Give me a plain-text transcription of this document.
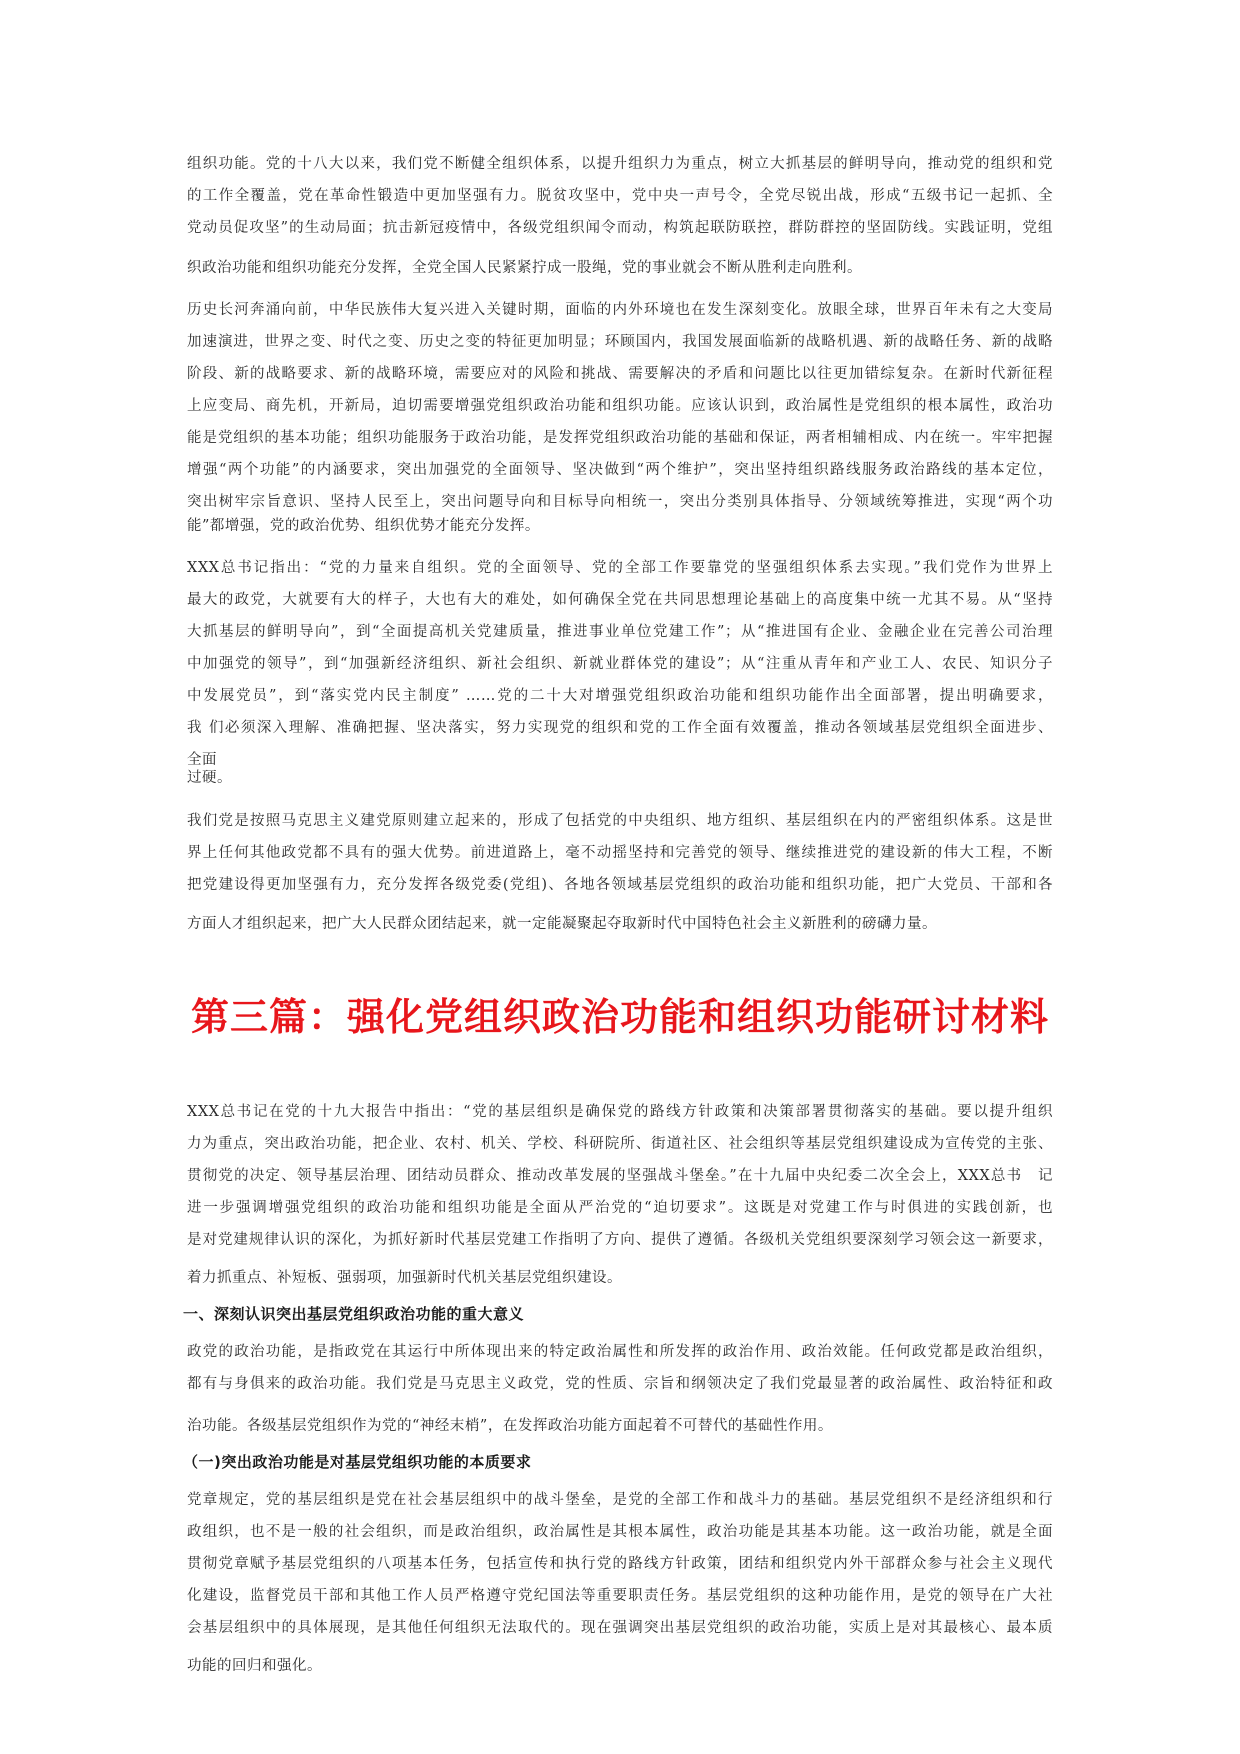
组织功能。党的十八大以来，我们党不断健全组织体系，以提升组织力为重点，树立大抓基层的鲜明导向，推动党的组织和党
的工作全覆盖，党在革命性锻造中更加坚强有力。脱贫攻坚中，党中央一声号令，全党尽锐出战，形成“五级书记一起抓、全
党动员促攻坚”的生动局面；抗击新冠疫情中，各级党组织闻令而动，构筑起联防联控，群防群控的坚固防线。实践证明，党组
织政治功能和组织功能充分发挥，全党全国人民紧紧拧成一股绳，党的事业就会不断从胜利走向胜利。
历史长河奔涌向前，中华民族伟大复兴进入关键时期，面临的内外环境也在发生深刻变化。放眼全球，世界百年未有之大变局
加速演进，世界之变、时代之变、历史之变的特征更加明显；环顾国内，我国发展面临新的战略机遇、新的战略任务、新的战略
阶段、新的战略要求、新的战略环境，需要应对的风险和挑战、需要解决的矛盾和问题比以往更加错综复杂。在新时代新征程
上应变局、商先机，开新局，迫切需要增强党组织政治功能和组织功能。应该认识到，政治属性是党组织的根本属性，政治功
能是党组织的基本功能；组织功能服务于政治功能，是发挥党组织政治功能的基础和保证，两者相辅相成、内在统一。牢牢把握
增强“两个功能”的内涵要求，突出加强党的全面领导、坚决做到“两个维护”，突出坚持组织路线服务政治路线的基本定位，
突出树牢宗旨意识、坚持人民至上，突出问题导向和目标导向相统一，突出分类别具体指导、分领域统筹推进，实现“两个功
能”都增强，党的政治优势、组织优势才能充分发挥。
XXX总书记指出：“党的力量来自组织。党的全面领导、党的全部工作要靠党的坚强组织体系去实现。”我们党作为世界上
最大的政党，大就要有大的样子，大也有大的难处，如何确保全党在共同思想理论基础上的高度集中统一尤其不易。从“坚持
大抓基层的鲜明导向”，到“全面提高机关党建质量，推进事业单位党建工作”；从“推进国有企业、金融企业在完善公司治理
中加强党的领导”，到“加强新经济组织、新社会组织、新就业群体党的建设”；从“注重从青年和产业工人、农民、知识分子
中发展党员”，到“落实党内民主制度” ……党的二十大对增强党组织政治功能和组织功能作出全面部署，提出明确要求，
我 们必须深入理解、准确把握、坚决落实，努力实现党的组织和党的工作全面有效覆盖，推动各领域基层党组织全面进步、
全面
过硬。
我们党是按照马克思主义建党原则建立起来的，形成了包括党的中央组织、地方组织、基层组织在内的严密组织体系。这是世
界上任何其他政党都不具有的强大优势。前进道路上，毫不动摇坚持和完善党的领导、继续推进党的建设新的伟大工程，不断
把党建设得更加坚强有力，充分发挥各级党委(党组)、各地各领域基层党组织的政治功能和组织功能，把广大党员、干部和各
方面人才组织起来，把广大人民群众团结起来，就一定能凝聚起夺取新时代中国特色社会主义新胜利的磅礴力量。
第三篇：强化党组织政治功能和组织功能研讨材料
XXX总书记在党的十九大报告中指出：“党的基层组织是确保党的路线方针政策和决策部署贯彻落实的基础。要以提升组织
力为重点，突出政治功能，把企业、农村、机关、学校、科研院所、街道社区、社会组织等基层党组织建设成为宣传党的主张、
贯彻党的决定、领导基层治理、团结动员群众、推动改革发展的坚强战斗堡垒。”在十九届中央纪委二次全会上，XXX总书　记
进一步强调增强党组织的政治功能和组织功能是全面从严治党的“迫切要求”。这既是对党建工作与时俱进的实践创新，也
是对党建规律认识的深化，为抓好新时代基层党建工作指明了方向、提供了遵循。各级机关党组织要深刻学习领会这一新要求，
着力抓重点、补短板、强弱项，加强新时代机关基层党组织建设。
一、深刻认识突出基层党组织政治功能的重大意义
政党的政治功能，是指政党在其运行中所体现出来的特定政治属性和所发挥的政治作用、政治效能。任何政党都是政治组织，
都有与身俱来的政治功能。我们党是马克思主义政党，党的性质、宗旨和纲领决定了我们党最显著的政治属性、政治特征和政
治功能。各级基层党组织作为党的“神经末梢”，在发挥政治功能方面起着不可替代的基础性作用。
（一)突出政治功能是对基层党组织功能的本质要求
党章规定，党的基层组织是党在社会基层组织中的战斗堡垒，是党的全部工作和战斗力的基础。基层党组织不是经济组织和行
政组织，也不是一般的社会组织，而是政治组织，政治属性是其根本属性，政治功能是其基本功能。这一政治功能，就是全面
贯彻党章赋予基层党组织的八项基本任务，包括宣传和执行党的路线方针政策，团结和组织党内外干部群众参与社会主义现代
化建设，监督党员干部和其他工作人员严格遵守党纪国法等重要职责任务。基层党组织的这种功能作用，是党的领导在广大社
会基层组织中的具体展现，是其他任何组织无法取代的。现在强调突出基层党组织的政治功能，实质上是对其最核心、最本质
功能的回归和强化。
